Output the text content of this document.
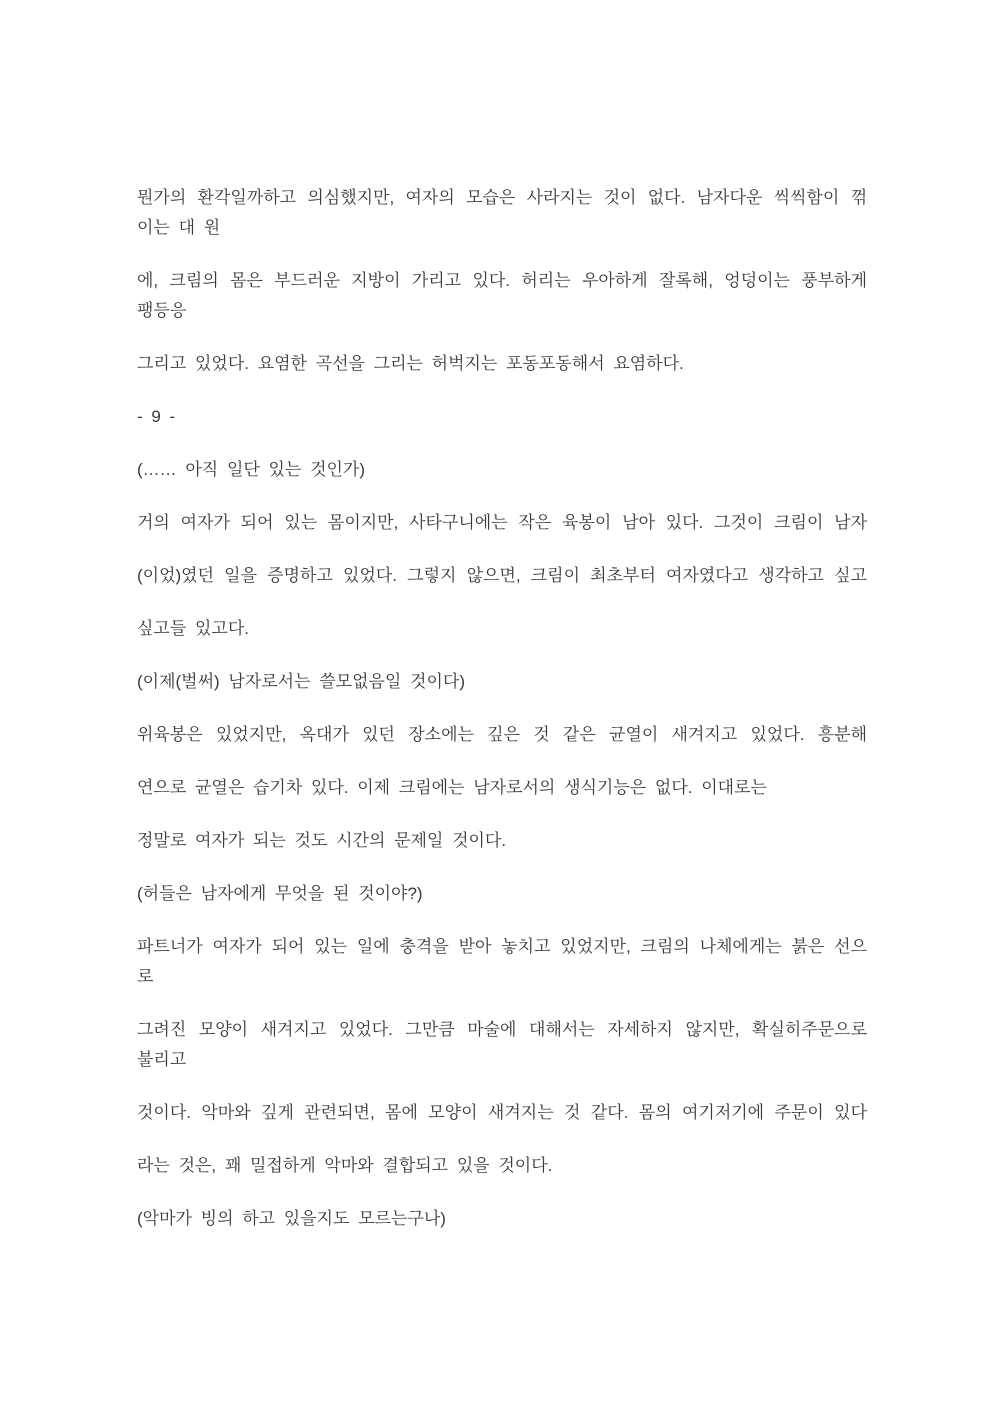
뭔가의 환각일까하고 의심했지만, 여자의 모습은 사라지는 것이 없다. 남자다운 씩씩함이 꺾
이는 대 원
에, 크림의 몸은 부드러운 지방이 가리고 있다. 허리는 우아하게 잘록해, 엉덩이는 풍부하게
팽등응
그리고 있었다. 요염한 곡선을 그리는 허벅지는 포동포동해서 요염하다.
- 9 -
(…… 아직 일단 있는 것인가)
거의 여자가 되어 있는 몸이지만, 사타구니에는 작은 육봉이 남아 있다. 그것이 크림이 남자
(이었)였던 일을 증명하고 있었다. 그렇지 않으면, 크림이 최초부터 여자였다고 생각하고 싶고
싶고들 있고다.
(이제(벌써) 남자로서는 쓸모없음일 것이다)
위육봉은 있었지만, 옥대가 있던 장소에는 깊은 것 같은 균열이 새겨지고 있었다. 흥분해
연으로 균열은 습기차 있다. 이제 크림에는 남자로서의 생식기능은 없다. 이대로는
정말로 여자가 되는 것도 시간의 문제일 것이다.
(허들은 남자에게 무엇을 된 것이야?)
파트너가 여자가 되어 있는 일에 충격을 받아 놓치고 있었지만, 크림의 나체에게는 붉은 선으
로
그려진 모양이 새겨지고 있었다. 그만큼 마술에 대해서는 자세하지 않지만, 확실히주문으로
불리고
것이다. 악마와 깊게 관련되면, 몸에 모양이 새겨지는 것 같다. 몸의 여기저기에 주문이 있다
라는 것은, 꽤 밀접하게 악마와 결합되고 있을 것이다.
(악마가 빙의 하고 있을지도 모르는구나)
